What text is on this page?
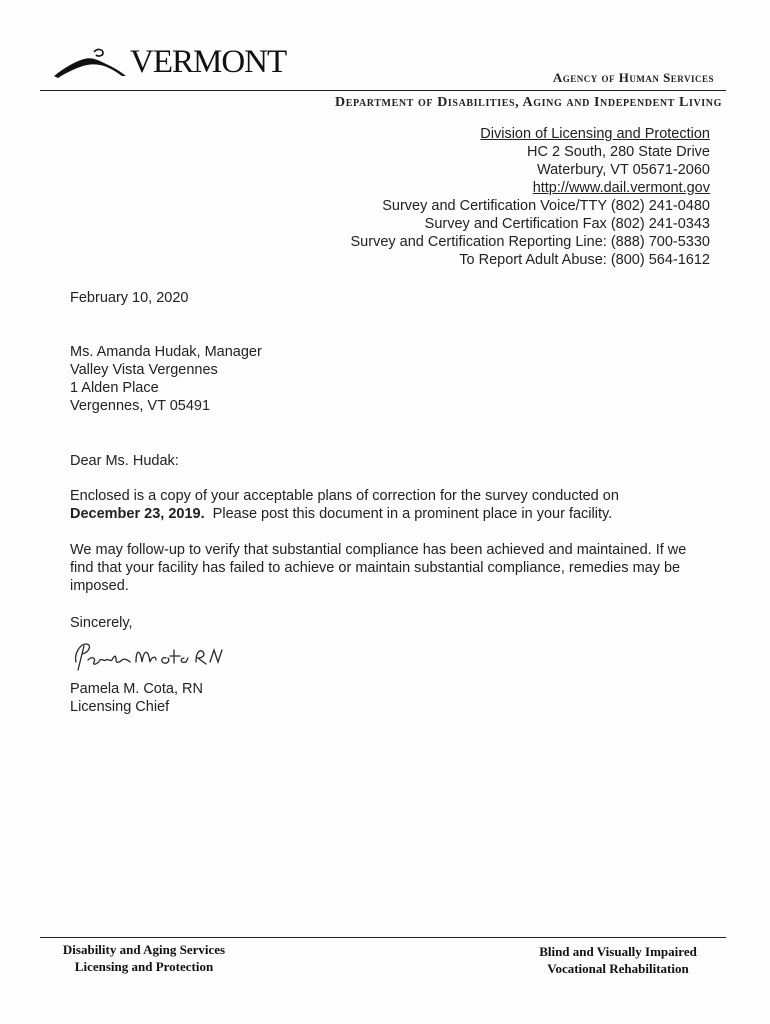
VERMONT	Agency of Human Services
Department of Disabilities, Aging and Independent Living
Division of Licensing and Protection
HC 2 South, 280 State Drive
Waterbury, VT 05671-2060
http://www.dail.vermont.gov
Survey and Certification Voice/TTY (802) 241-0480
Survey and Certification Fax (802) 241-0343
Survey and Certification Reporting Line: (888) 700-5330
To Report Adult Abuse: (800) 564-1612
February 10, 2020
Ms. Amanda Hudak, Manager
Valley Vista Vergennes
1 Alden Place
Vergennes, VT 05491
Dear Ms. Hudak:
Enclosed is a copy of your acceptable plans of correction for the survey conducted on
December 23, 2019.  Please post this document in a prominent place in your facility.
We may follow-up to verify that substantial compliance has been achieved and maintained. If we find that your facility has failed to achieve or maintain substantial compliance, remedies may be imposed.
Sincerely,
Pamela M. Cota, RN
Licensing Chief
Disability and Aging Services
Licensing and Protection
Blind and Visually Impaired
Vocational Rehabilitation
